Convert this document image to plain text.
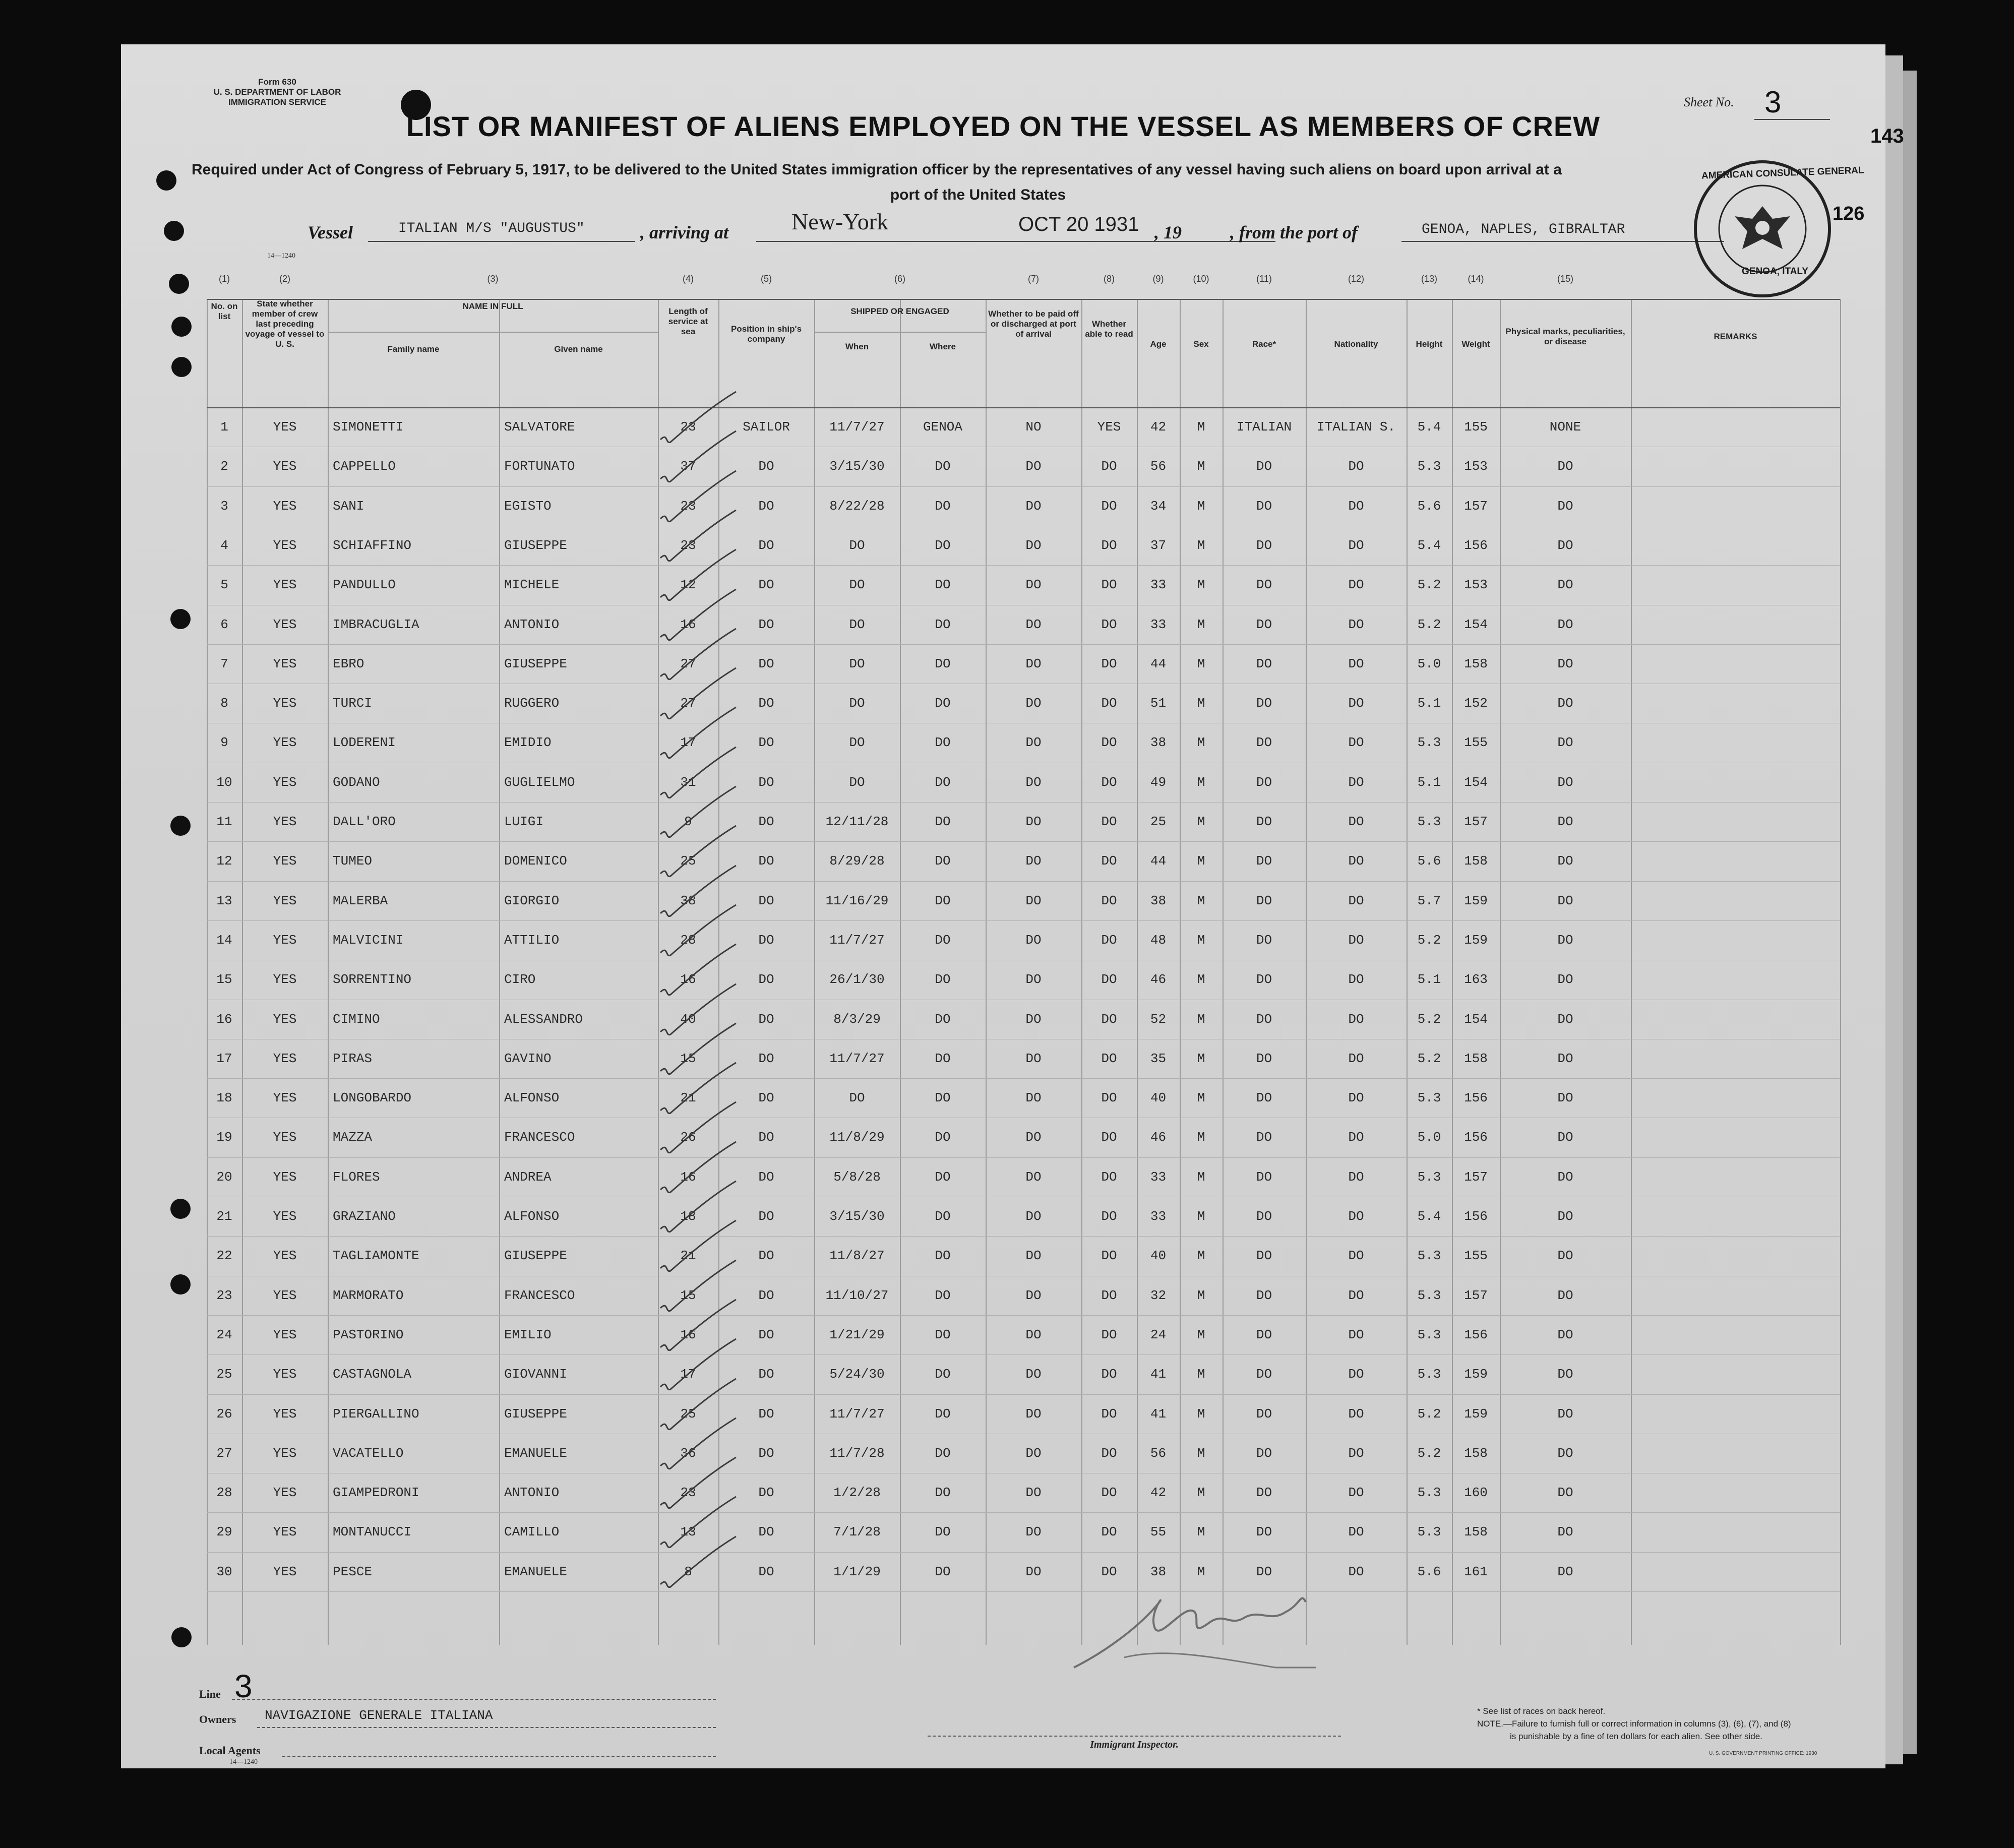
Form 630
U. S. DEPARTMENT OF LABOR
IMMIGRATION SERVICE	Sheet No. 3
143
126
LIST OR MANIFEST OF ALIENS EMPLOYED ON THE VESSEL AS MEMBERS OF CREW
Required under Act of Congress of February 5, 1917, to be delivered to the United States immigration officer by the representatives of any vessel having such aliens on board upon arrival at a
port of the United States
Vessel	ITALIAN M/S "AUGUSTUS"	, arriving at	New-York	OCT 20 1931 , 19	, from the port of	GENOA, NAPLES, GIBRALTAR
AMERICAN CONSULATE GENERAL
GENOA, ITALY
14—1240
(1)	(2)	(3)	(4)	(5)	(6)	(7)	(8)	(9)	(10)	(11)	(12)	(13)	(14)	(15)
No. on list
State whether member of crew last preceding voyage of vessel to U. S.
NAME IN FULL
Family name	Given name
Length of service at sea	Position in ship's company
SHIPPED OR ENGAGED
When	Where
Whether to be paid off or discharged at port of arrival
Whether able to read
Age	Sex	Race*	Nationality	Height	Weight
Physical marks, peculiarities, or disease
REMARKS
1	YES	SIMONETTI	SALVATORE	23	SAILOR	11/7/27	GENOA	NO	YES	42	M	ITALIAN	ITALIAN S.	5.4	155	NONE
2	YES	CAPPELLO	FORTUNATO	37	DO	3/15/30	DO	DO	DO	56	M	DO	DO	5.3	153	DO
3	YES	SANI	EGISTO	23	DO	8/22/28	DO	DO	DO	34	M	DO	DO	5.6	157	DO
4	YES	SCHIAFFINO	GIUSEPPE	23	DO	DO	DO	DO	DO	37	M	DO	DO	5.4	156	DO
5	YES	PANDULLO	MICHELE	12	DO	DO	DO	DO	DO	33	M	DO	DO	5.2	153	DO
6	YES	IMBRACUGLIA	ANTONIO	16	DO	DO	DO	DO	DO	33	M	DO	DO	5.2	154	DO
7	YES	EBRO	GIUSEPPE	27	DO	DO	DO	DO	DO	44	M	DO	DO	5.0	158	DO
8	YES	TURCI	RUGGERO	27	DO	DO	DO	DO	DO	51	M	DO	DO	5.1	152	DO
9	YES	LODERENI	EMIDIO	17	DO	DO	DO	DO	DO	38	M	DO	DO	5.3	155	DO
10	YES	GODANO	GUGLIELMO	31	DO	DO	DO	DO	DO	49	M	DO	DO	5.1	154	DO
11	YES	DALL'ORO	LUIGI	9	DO	12/11/28	DO	DO	DO	25	M	DO	DO	5.3	157	DO
12	YES	TUMEO	DOMENICO	25	DO	8/29/28	DO	DO	DO	44	M	DO	DO	5.6	158	DO
13	YES	MALERBA	GIORGIO	38	DO	11/16/29	DO	DO	DO	38	M	DO	DO	5.7	159	DO
14	YES	MALVICINI	ATTILIO	28	DO	11/7/27	DO	DO	DO	48	M	DO	DO	5.2	159	DO
15	YES	SORRENTINO	CIRO	16	DO	26/1/30	DO	DO	DO	46	M	DO	DO	5.1	163	DO
16	YES	CIMINO	ALESSANDRO	40	DO	8/3/29	DO	DO	DO	52	M	DO	DO	5.2	154	DO
17	YES	PIRAS	GAVINO	15	DO	11/7/27	DO	DO	DO	35	M	DO	DO	5.2	158	DO
18	YES	LONGOBARDO	ALFONSO	21	DO	DO	DO	DO	DO	40	M	DO	DO	5.3	156	DO
19	YES	MAZZA	FRANCESCO	26	DO	11/8/29	DO	DO	DO	46	M	DO	DO	5.0	156	DO
20	YES	FLORES	ANDREA	16	DO	5/8/28	DO	DO	DO	33	M	DO	DO	5.3	157	DO
21	YES	GRAZIANO	ALFONSO	18	DO	3/15/30	DO	DO	DO	33	M	DO	DO	5.4	156	DO
22	YES	TAGLIAMONTE	GIUSEPPE	21	DO	11/8/27	DO	DO	DO	40	M	DO	DO	5.3	155	DO
23	YES	MARMORATO	FRANCESCO	15	DO	11/10/27	DO	DO	DO	32	M	DO	DO	5.3	157	DO
24	YES	PASTORINO	EMILIO	16	DO	1/21/29	DO	DO	DO	24	M	DO	DO	5.3	156	DO
25	YES	CASTAGNOLA	GIOVANNI	17	DO	5/24/30	DO	DO	DO	41	M	DO	DO	5.3	159	DO
26	YES	PIERGALLINO	GIUSEPPE	25	DO	11/7/27	DO	DO	DO	41	M	DO	DO	5.2	159	DO
27	YES	VACATELLO	EMANUELE	36	DO	11/7/28	DO	DO	DO	56	M	DO	DO	5.2	158	DO
28	YES	GIAMPEDRONI	ANTONIO	23	DO	1/2/28	DO	DO	DO	42	M	DO	DO	5.3	160	DO
29	YES	MONTANUCCI	CAMILLO	13	DO	7/1/28	DO	DO	DO	55	M	DO	DO	5.3	158	DO
30	YES	PESCE	EMANUELE	8	DO	1/1/29	DO	DO	DO	38	M	DO	DO	5.6	161	DO
Line 3
Owners NAVIGAZIONE GENERALE ITALIANA
Local Agents
14—1240
Immigrant Inspector.
* See list of races on back hereof.
NOTE.—Failure to furnish full or correct information in columns (3), (6), (7), and (8)
is punishable by a fine of ten dollars for each alien. See other side.
U. S. GOVERNMENT PRINTING OFFICE: 1930
